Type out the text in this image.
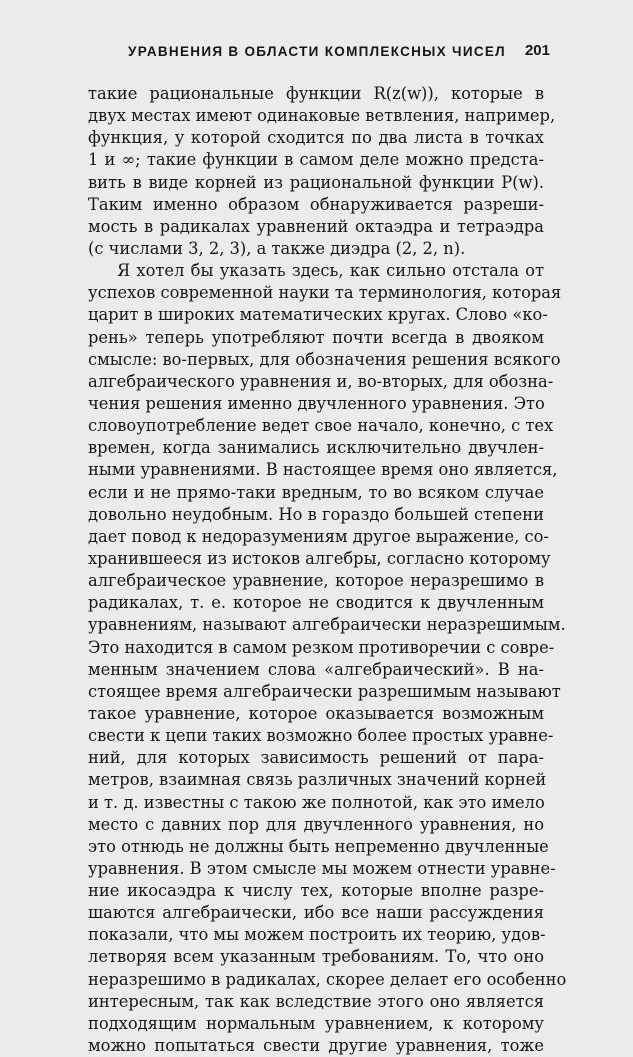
УРАВНЕНИЯ В ОБЛАСТИ КОМПЛЕКСНЫХ ЧИСЕЛ 201
такие рациональные функции R(z(w)), которые в
двух местах имеют одинаковые ветвления, например,
функция, у которой сходится по два листа в точках
1 и ∞; такие функции в самом деле можно предста-
вить в виде корней из рациональной функции P(w).
Таким именно образом обнаруживается разреши-
мость в радикалах уравнений октаэдра и тетраэдра
(с числами 3, 2, 3), а также диэдра (2, 2, n).
Я хотел бы указать здесь, как сильно отстала от
успехов современной науки та терминология, которая
царит в широких математических кругах. Слово «ко-
рень» теперь употребляют почти всегда в двояком
смысле: во-первых, для обозначения решения всякого
алгебраического уравнения и, во-вторых, для обозна-
чения решения именно двучленного уравнения. Это
словоупотребление ведет свое начало, конечно, с тех
времен, когда занимались исключительно двучлен-
ными уравнениями. В настоящее время оно является,
если и не прямо-таки вредным, то во всяком случае
довольно неудобным. Но в гораздо большей степени
дает повод к недоразумениям другое выражение, со-
хранившееся из истоков алгебры, согласно которому
алгебраическое уравнение, которое неразрешимо в
радикалах, т. е. которое не сводится к двучленным
уравнениям, называют алгебраически неразрешимым.
Это находится в самом резком противоречии с совре-
менным значением слова «алгебраический». В на-
стоящее время алгебраически разрешимым называют
такое уравнение, которое оказывается возможным
свести к цепи таких возможно более простых уравне-
ний, для которых зависимость решений от пара-
метров, взаимная связь различных значений корней
и т. д. известны с такою же полнотой, как это имело
место с давних пор для двучленного уравнения, но
это отнюдь не должны быть непременно двучленные
уравнения. В этом смысле мы можем отнести уравне-
ние икосаэдра к числу тех, которые вполне разре-
шаются алгебраически, ибо все наши рассуждения
показали, что мы можем построить их теорию, удов-
летворяя всем указанным требованиям. То, что оно
неразрешимо в радикалах, скорее делает его особенно
интересным, так как вследствие этого оно является
подходящим нормальным уравнением, к которому
можно попытаться свести другие уравнения, тоже
